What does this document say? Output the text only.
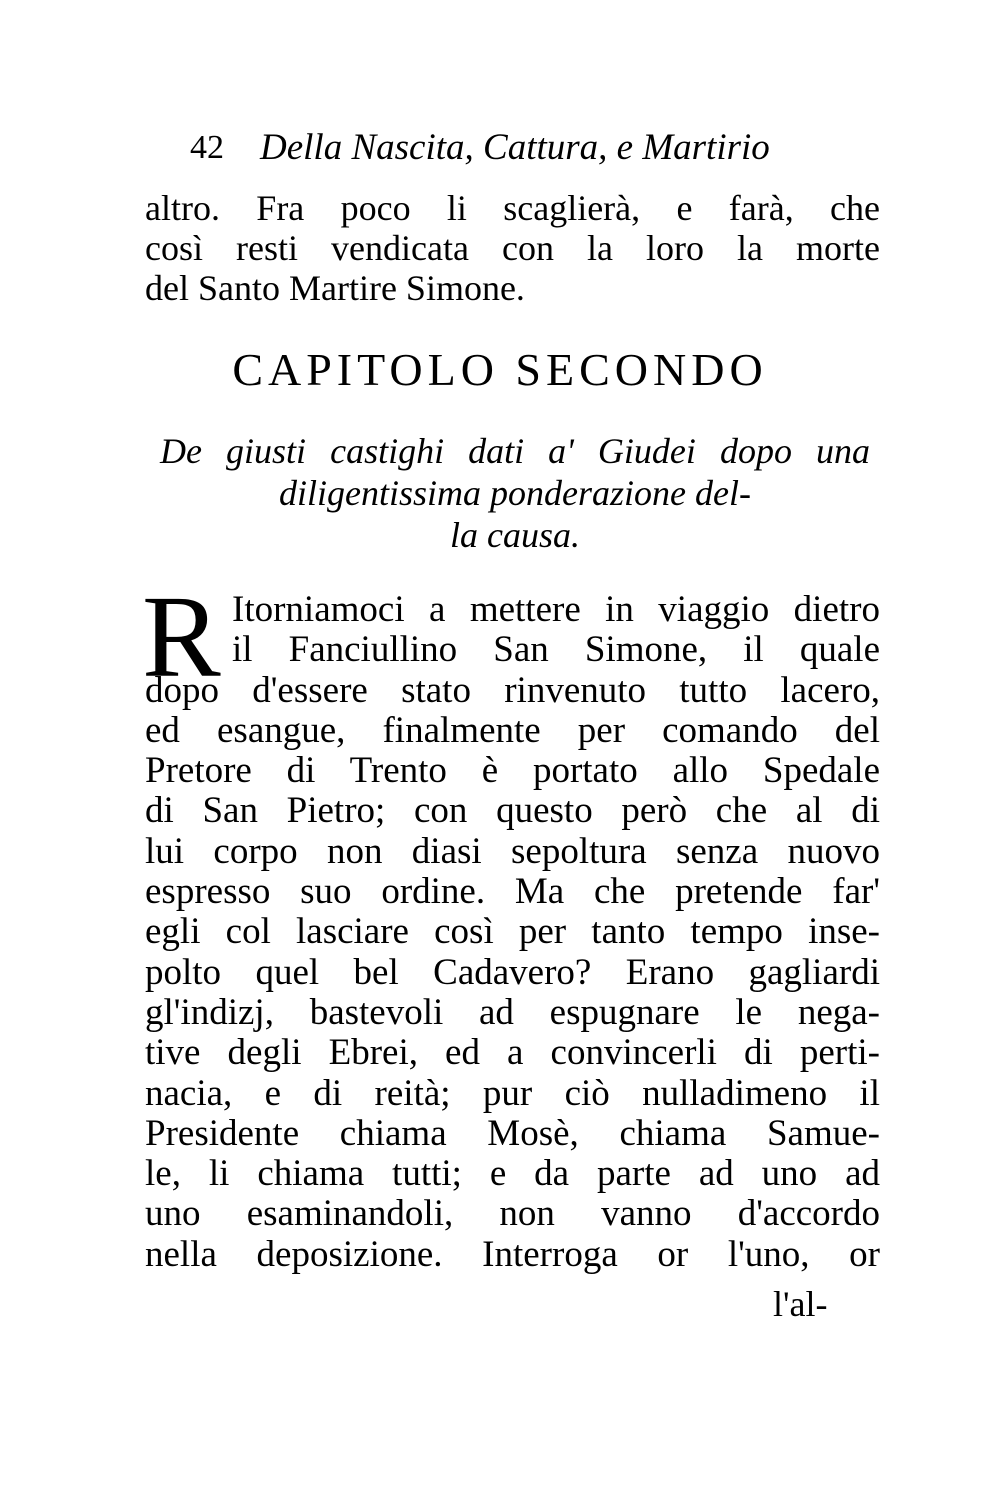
42 Della Nascita, Cattura, e Martirio
altro. Fra poco li scaglierà, e farà, che
così resti vendicata con la loro la morte
del Santo Martire Simone.
CAPITOLO SECONDO
De giusti castighi dati a' Giudei dopo una
diligentissima ponderazione del-
la causa.
R Itorniamoci a mettere in viaggio dietro
il Fanciullino San Simone, il quale
dopo d'essere stato rinvenuto tutto lacero,
ed esangue, finalmente per comando del
Pretore di Trento è portato allo Spedale
di San Pietro; con questo però che al di
lui corpo non diasi sepoltura senza nuovo
espresso suo ordine. Ma che pretende far'
egli col lasciare così per tanto tempo inse-
polto quel bel Cadavero? Erano gagliardi
gl'indizj, bastevoli ad espugnare le nega-
tive degli Ebrei, ed a convincerli di perti-
nacia, e di reità; pur ciò nulladimeno il
Presidente chiama Mosè, chiama Samue-
le, li chiama tutti; e da parte ad uno ad
uno esaminandoli, non vanno d'accordo
nella deposizione. Interroga or l'uno, or
l'al-
